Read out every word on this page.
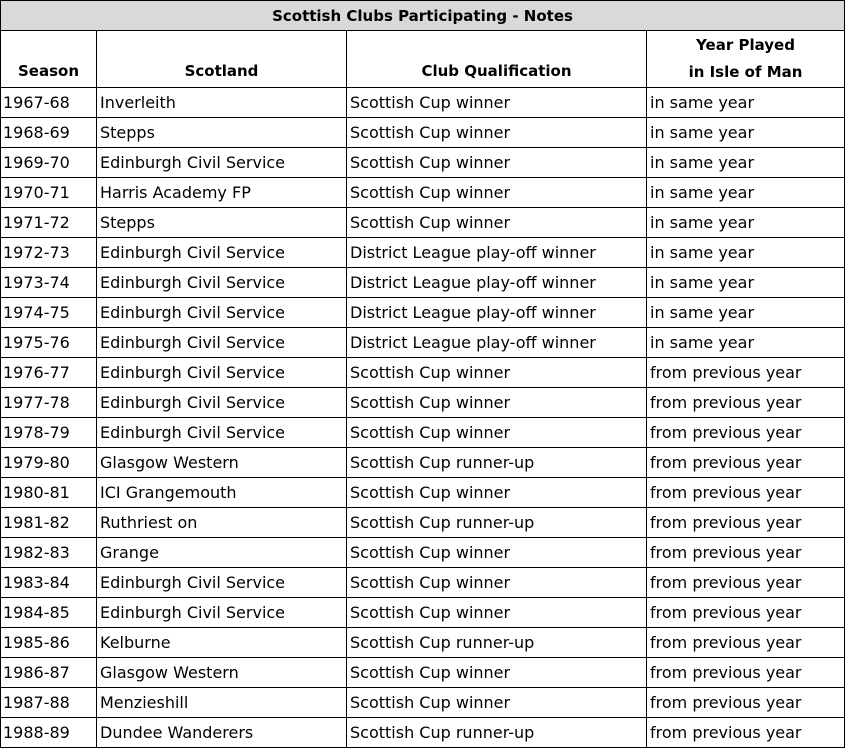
Scottish Clubs Participating - Notes			
Season	Scotland	Club Qualification	Year Played
in Isle of Man

1967-68	Inverleith	Scottish Cup winner	in same year
1968-69	Stepps	Scottish Cup winner	in same year
1969-70	Edinburgh Civil Service	Scottish Cup winner	in same year
1970-71	Harris Academy FP	Scottish Cup winner	in same year
1971-72	Stepps	Scottish Cup winner	in same year
1972-73	Edinburgh Civil Service	District League play-off winner	in same year
1973-74	Edinburgh Civil Service	District League play-off winner	in same year
1974-75	Edinburgh Civil Service	District League play-off winner	in same year
1975-76	Edinburgh Civil Service	District League play-off winner	in same year
1976-77	Edinburgh Civil Service	Scottish Cup winner	from previous year
1977-78	Edinburgh Civil Service	Scottish Cup winner	from previous year
1978-79	Edinburgh Civil Service	Scottish Cup winner	from previous year
1979-80	Glasgow Western	Scottish Cup runner-up	from previous year
1980-81	ICI Grangemouth	Scottish Cup winner	from previous year
1981-82	Ruthriest on	Scottish Cup runner-up	from previous year
1982-83	Grange	Scottish Cup winner	from previous year
1983-84	Edinburgh Civil Service	Scottish Cup winner	from previous year
1984-85	Edinburgh Civil Service	Scottish Cup winner	from previous year
1985-86	Kelburne	Scottish Cup runner-up	from previous year
1986-87	Glasgow Western	Scottish Cup winner	from previous year
1987-88	Menzieshill	Scottish Cup winner	from previous year
1988-89	Dundee Wanderers	Scottish Cup runner-up	from previous year
